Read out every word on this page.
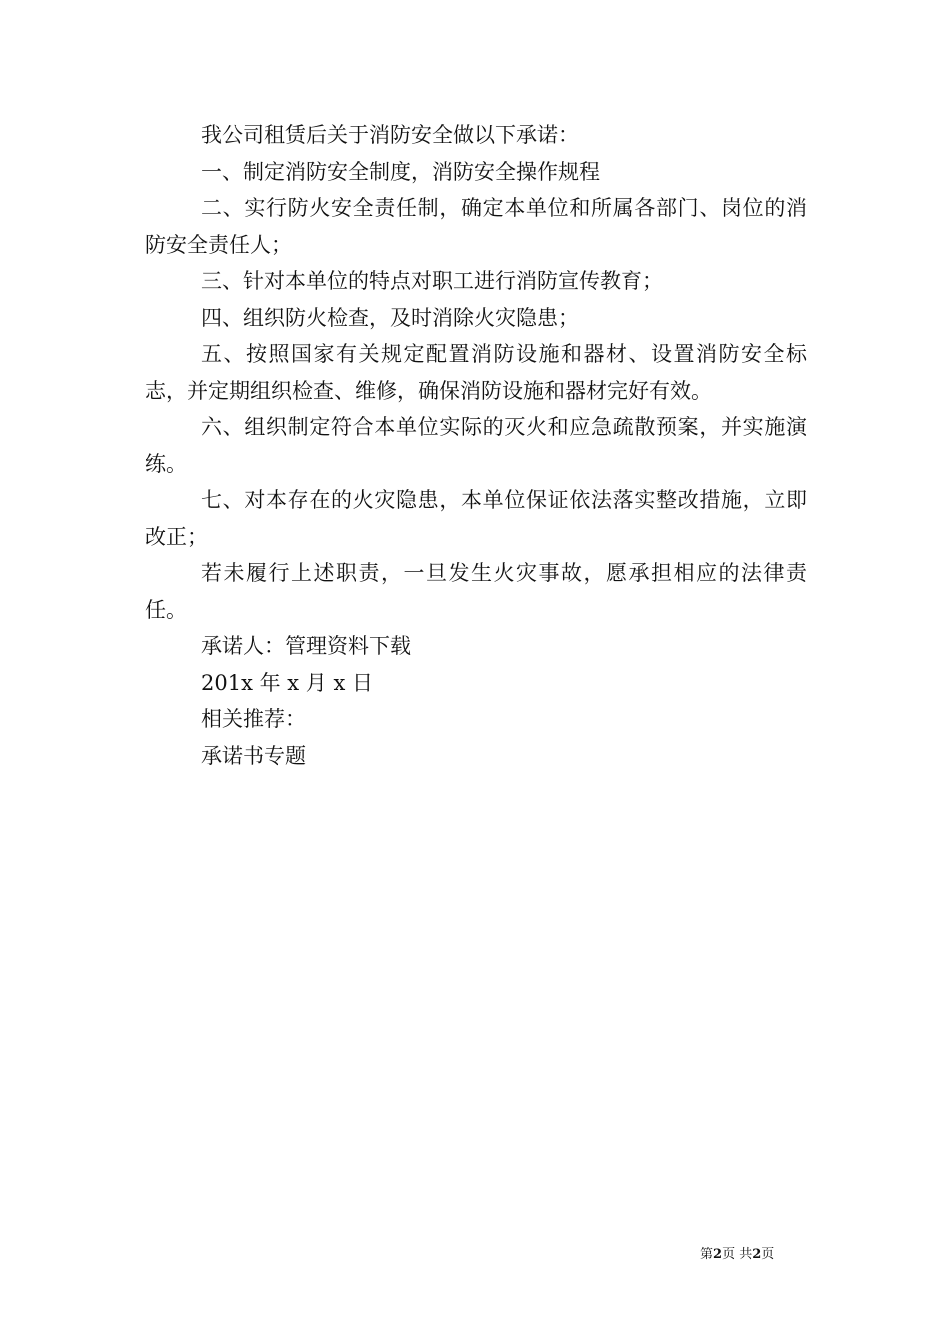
我公司租赁后关于消防安全做以下承诺：

一、制定消防安全制度，消防安全操作规程

二、实行防火安全责任制，确定本单位和所属各部门、岗位的消防安全责任人；

三、针对本单位的特点对职工进行消防宣传教育；

四、组织防火检查，及时消除火灾隐患；

五、按照国家有关规定配置消防设施和器材、设置消防安全标志，并定期组织检查、维修，确保消防设施和器材完好有效。

六、组织制定符合本单位实际的灭火和应急疏散预案，并实施演练。

七、对本存在的火灾隐患，本单位保证依法落实整改措施，立即改正；

若未履行上述职责，一旦发生火灾事故，愿承担相应的法律责任。

承诺人：管理资料下载

201x 年 x 月 x 日

相关推荐：

承诺书专题

第2页 共2页
